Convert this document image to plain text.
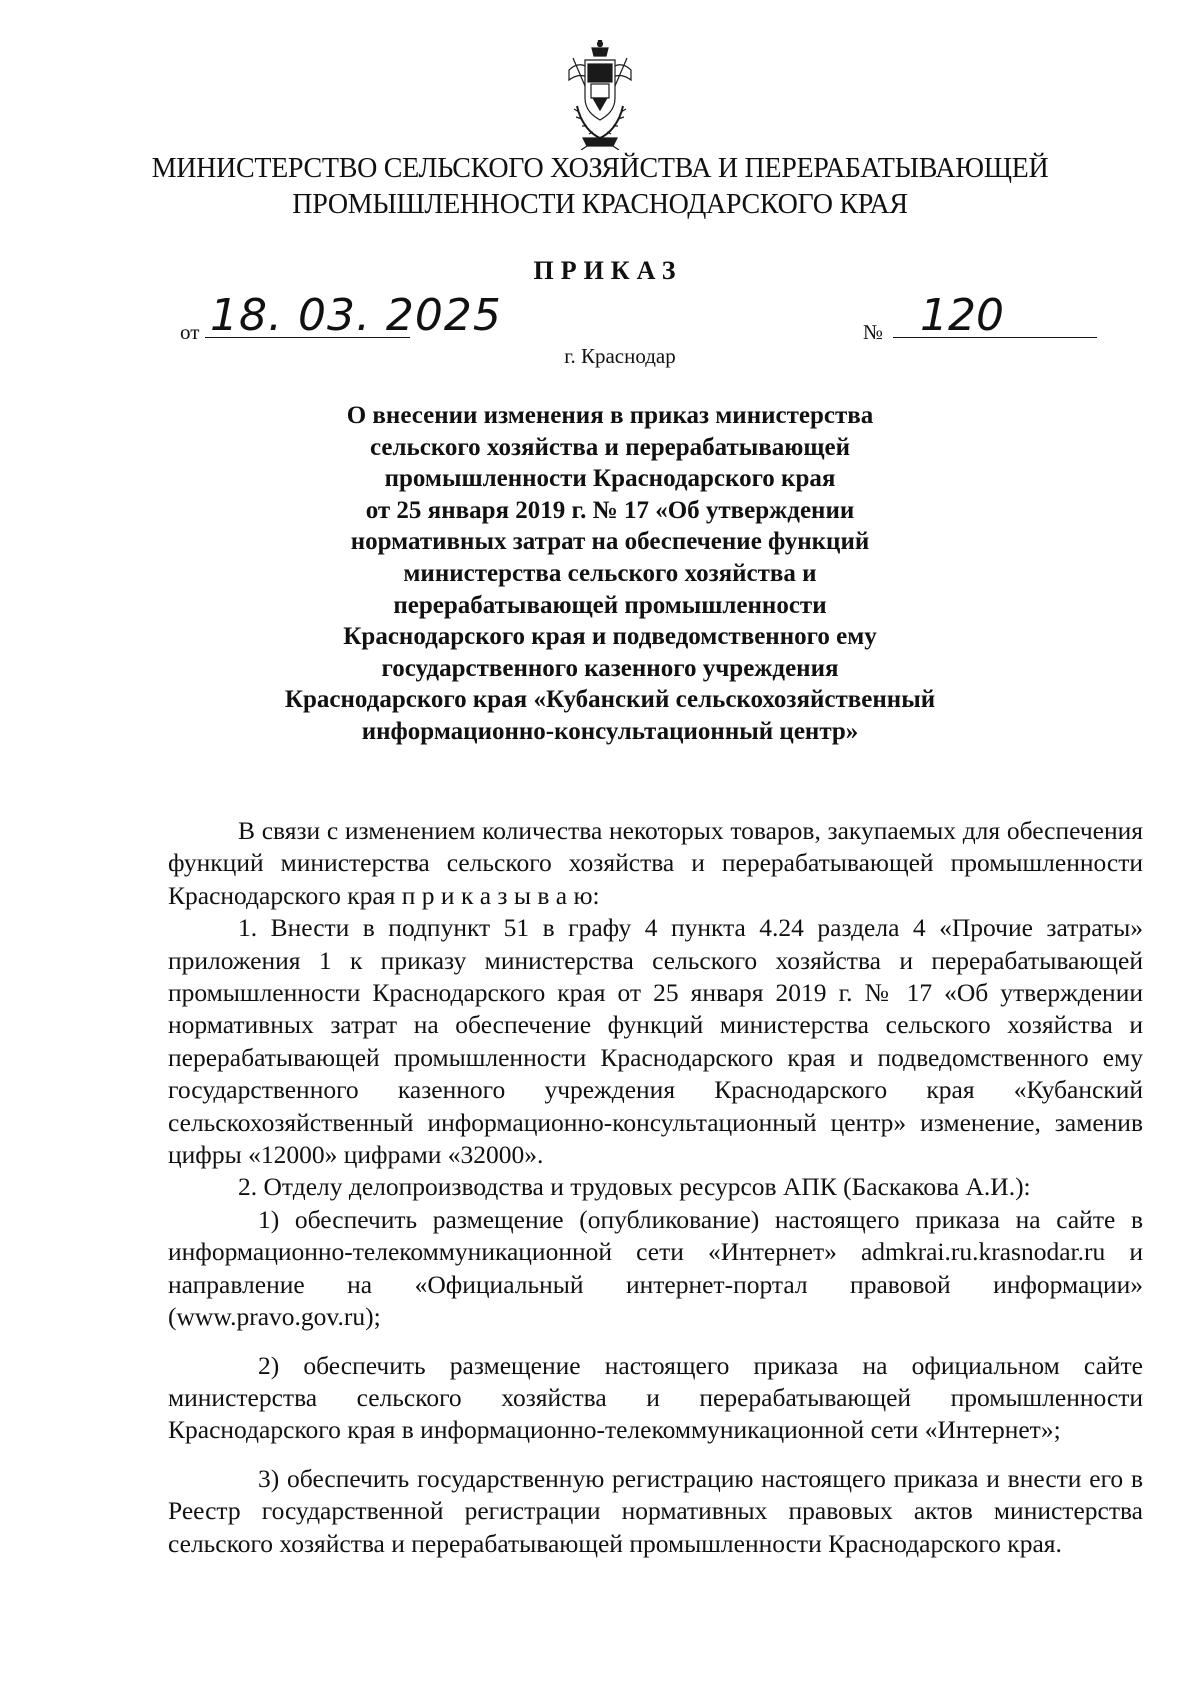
МИНИСТЕРСТВО СЕЛЬСКОГО ХОЗЯЙСТВА И ПЕРЕРАБАТЫВАЮЩЕЙ
ПРОМЫШЛЕННОСТИ КРАСНОДАРСКОГО КРАЯ
ПРИКАЗ
от 18. 03. 2025	№ 120
г. Краснодар
О внесении изменения в приказ министерства
сельского хозяйства и перерабатывающей
промышленности Краснодарского края
от 25 января 2019 г. № 17 «Об утверждении
нормативных затрат на обеспечение функций
министерства сельского хозяйства и
перерабатывающей промышленности
Краснодарского края и подведомственного ему
государственного казенного учреждения
Краснодарского края «Кубанский сельскохозяйственный
информационно-консультационный центр»

В связи с изменением количества некоторых товаров, закупаемых для обеспечения функций министерства сельского хозяйства и перерабатывающей промышленности Краснодарского края п р и к а з ы в а ю:

1. Внести в подпункт 51 в графу 4 пункта 4.24 раздела 4 «Прочие затраты» приложения 1 к приказу министерства сельского хозяйства и перерабатывающей промышленности Краснодарского края от 25 января 2019 г. № 17 «Об утверждении нормативных затрат на обеспечение функций министерства сельского хозяйства и перерабатывающей промышленности Краснодарского края и подведомственного ему государственного казенного учреждения Краснодарского края «Кубанский сельскохозяйственный информационно-консультационный центр» изменение, заменив цифры «12000» цифрами «32000».

2. Отделу делопроизводства и трудовых ресурсов АПК (Баскакова А.И.):

1) обеспечить размещение (опубликование) настоящего приказа на сайте в информационно-телекоммуникационной сети «Интернет» admkrai.ru.krasnodar.ru и направление на «Официальный интернет-портал правовой информации» (www.pravo.gov.ru);

2) обеспечить размещение настоящего приказа на официальном сайте министерства сельского хозяйства и перерабатывающей промышленности Краснодарского края в информационно-телекоммуникационной сети «Интернет»;

3) обеспечить государственную регистрацию настоящего приказа и внести его в Реестр государственной регистрации нормативных правовых актов министерства сельского хозяйства и перерабатывающей промышленности Краснодарского края.
